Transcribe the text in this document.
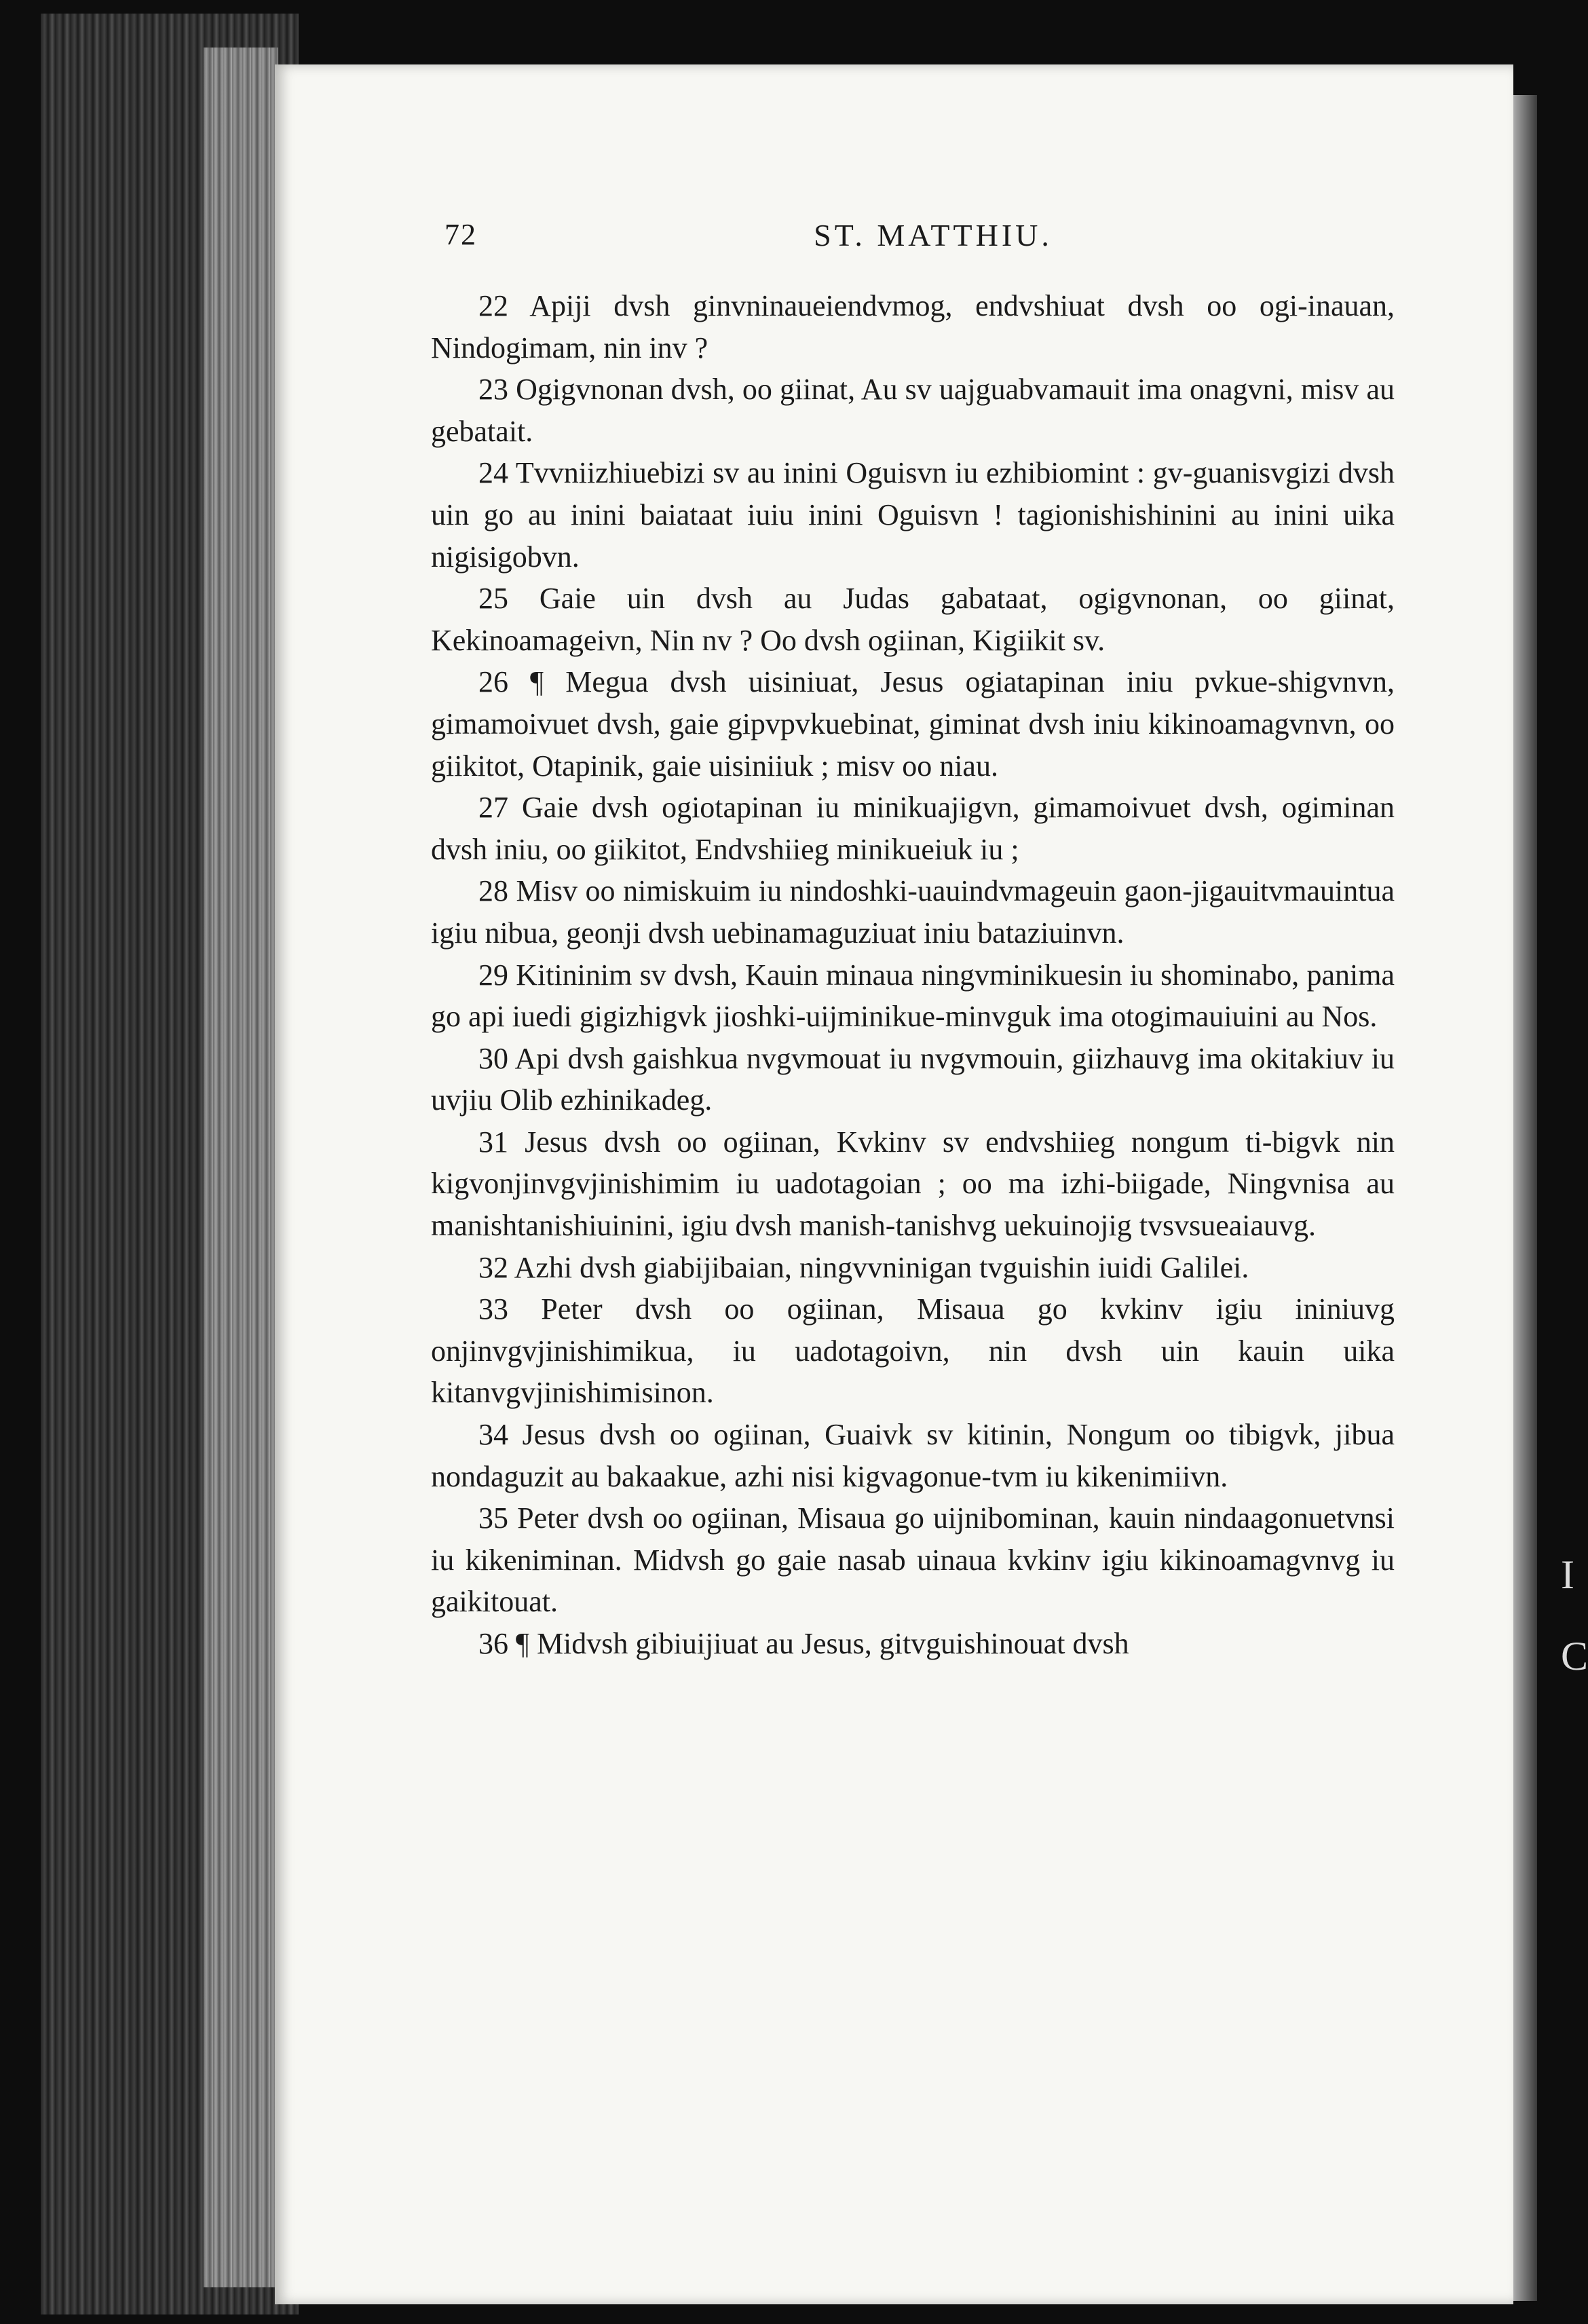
I
C
72	ST. MATTHIU.

22 Apiji dvsh ginvninaueiendvmog, endvshiuat dvsh oo ogi-inauan, Nindogimam, nin inv ?

23 Ogigvnonan dvsh, oo giinat, Au sv uajguabvamauit ima onagvni, misv au gebatait.

24 Tvvniizhiuebizi sv au inini Oguisvn iu ezhibiomint : gv-guanisvgizi dvsh uin go au inini baiataat iuiu inini Oguisvn ! tagionishishinini au inini uika nigisigobvn.

25 Gaie uin dvsh au Judas gabataat, ogigvnonan, oo giinat, Kekinoamageivn, Nin nv ? Oo dvsh ogiinan, Kigiikit sv.

26 ¶ Megua dvsh uisiniuat, Jesus ogiatapinan iniu pvkue-shigvnvn, gimamoivuet dvsh, gaie gipvpvkuebinat, giminat dvsh iniu kikinoamagvnvn, oo giikitot, Otapinik, gaie uisiniiuk ; misv oo niau.

27 Gaie dvsh ogiotapinan iu minikuajigvn, gimamoivuet dvsh, ogiminan dvsh iniu, oo giikitot, Endvshiieg minikueiuk iu ;

28 Misv oo nimiskuim iu nindoshki-uauindvmageuin gaon-jigauitvmauintua igiu nibua, geonji dvsh uebinamaguziuat iniu bataziuinvn.

29 Kitininim sv dvsh, Kauin minaua ningvminikuesin iu shominabo, panima go api iuedi gigizhigvk jioshki-uijminikue-minvguk ima otogimauiuini au Nos.

30 Api dvsh gaishkua nvgvmouat iu nvgvmouin, giizhauvg ima okitakiuv iu uvjiu Olib ezhinikadeg.

31 Jesus dvsh oo ogiinan, Kvkinv sv endvshiieg nongum ti-bigvk nin kigvonjinvgvjinishimim iu uadotagoian ; oo ma izhi-biigade, Ningvnisa au manishtanishiuinini, igiu dvsh manish-tanishvg uekuinojig tvsvsueaiauvg.

32 Azhi dvsh giabijibaian, ningvvninigan tvguishin iuidi Galilei.

33 Peter dvsh oo ogiinan, Misaua go kvkinv igiu ininiuvg onjinvgvjinishimikua, iu uadotagoivn, nin dvsh uin kauin uika kitanvgvjinishimisinon.

34 Jesus dvsh oo ogiinan, Guaivk sv kitinin, Nongum oo tibigvk, jibua nondaguzit au bakaakue, azhi nisi kigvagonue-tvm iu kikenimiivn.

35 Peter dvsh oo ogiinan, Misaua go uijnibominan, kauin nindaagonuetvnsi iu kikeniminan. Midvsh go gaie nasab uinaua kvkinv igiu kikinoamagvnvg iu gaikitouat.

36 ¶ Midvsh gibiuijiuat au Jesus, gitvguishinouat dvsh
